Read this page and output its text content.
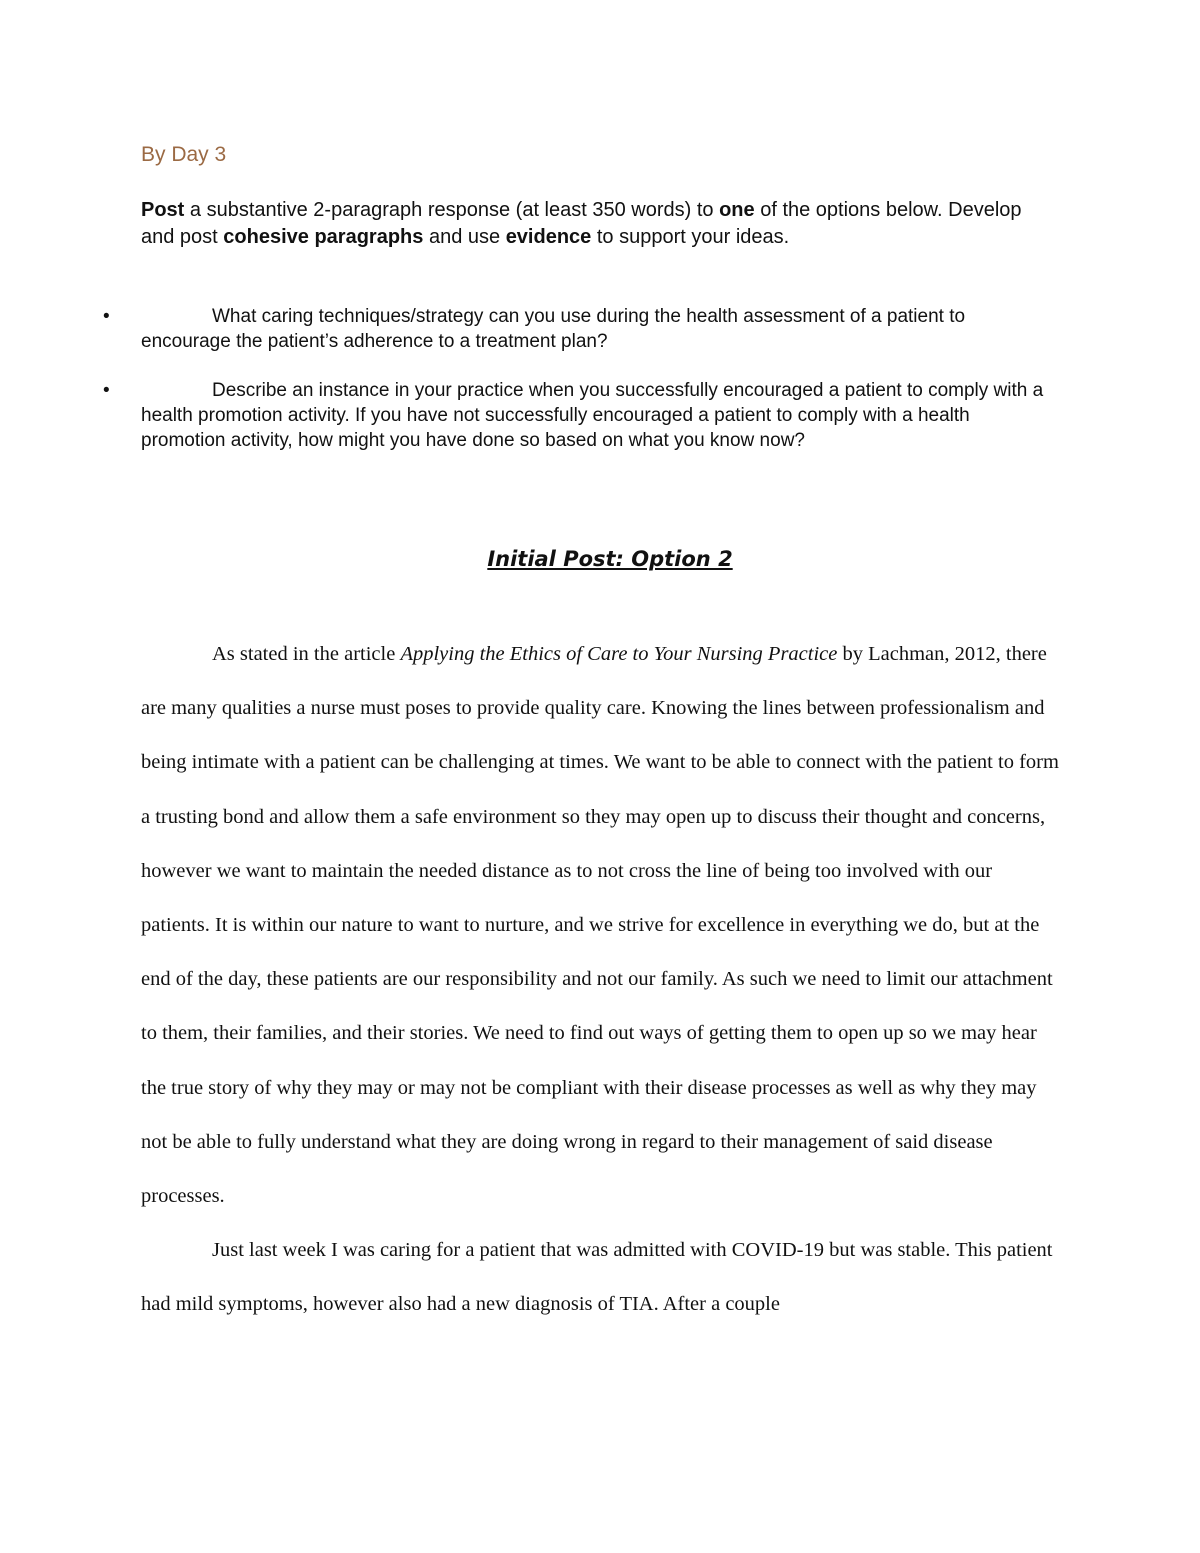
By Day 3

Post a substantive 2-paragraph response (at least 350 words) to one of the options below. Develop and post cohesive paragraphs and use evidence to support your ideas.

•	What caring techniques/strategy can you use during the health assessment of a patient to encourage the patient’s adherence to a treatment plan?
•	Describe an instance in your practice when you successfully encouraged a patient to comply with a health promotion activity. If you have not successfully encouraged a patient to comply with a health promotion activity, how might you have done so based on what you know now?
Initial Post: Option 2

As stated in the article Applying the Ethics of Care to Your Nursing Practice by Lachman, 2012, there are many qualities a nurse must poses to provide quality care. Knowing the lines between professionalism and being intimate with a patient can be challenging at times. We want to be able to connect with the patient to form a trusting bond and allow them a safe environment so they may open up to discuss their thought and concerns, however we want to maintain the needed distance as to not cross the line of being too involved with our patients. It is within our nature to want to nurture, and we strive for excellence in everything we do, but at the end of the day, these patients are our responsibility and not our family. As such we need to limit our attachment to them, their families, and their stories. We need to find out ways of getting them to open up so we may hear the true story of why they may or may not be compliant with their disease processes as well as why they may not be able to fully understand what they are doing wrong in regard to their management of said disease processes.

Just last week I was caring for a patient that was admitted with COVID-19 but was stable. This patient had mild symptoms, however also had a new diagnosis of TIA. After a couple
